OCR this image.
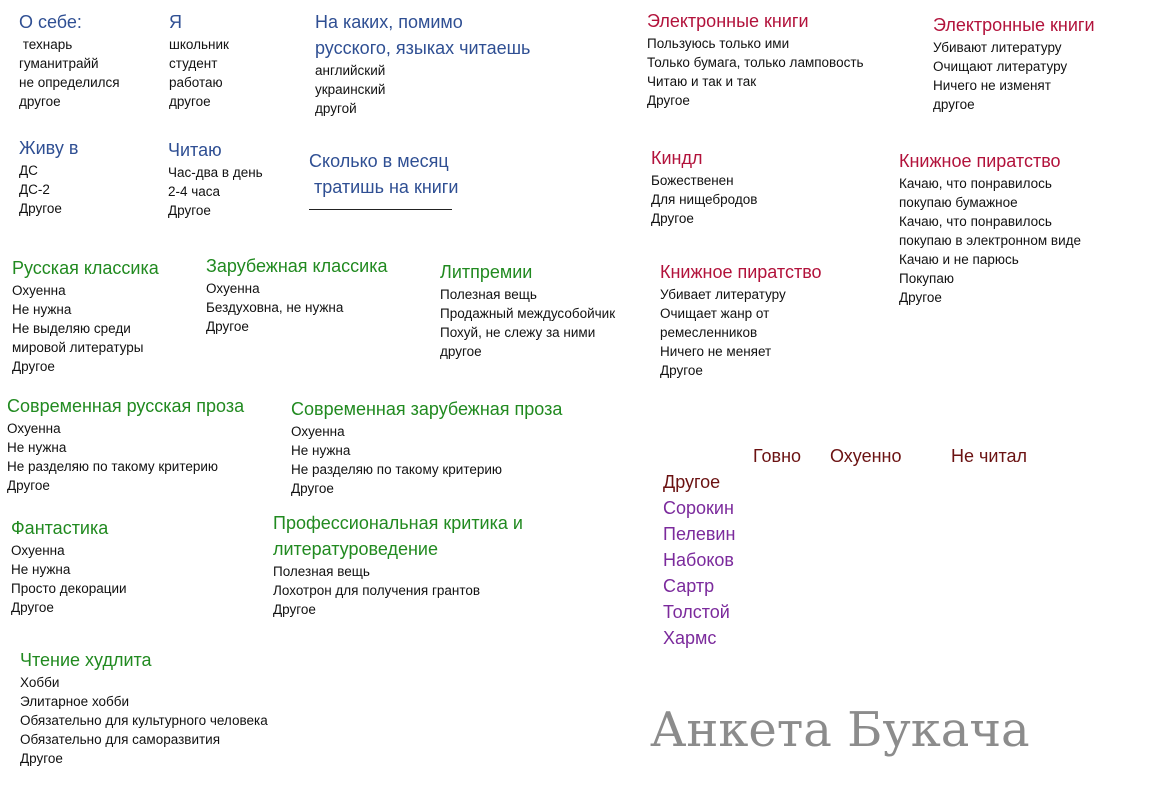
О себе:

технарь
гуманитрайй
не определился
другое

Я

школьник
студент
работаю
другое

На каких, помимо

русского, языках читаешь

английский
украинский
другой

Электронные книги

Пользуюсь только ими
Только бумага, только ламповость
Читаю и так и так
Другое

Электронные книги

Убивают литературу
Очищают литературу
Ничего не изменят
другое

Живу в

ДС
ДС-2
Другое

Читаю

Час-два в день
2-4 часа
Другое

Сколько в месяц

тратишь на книги

Киндл

Божественен
Для нищебродов
Другое

Книжное пиратство

Качаю, что понравилось
покупаю бумажное
Качаю, что понравилось
покупаю в электронном виде
Качаю и не парюсь
Покупаю
Другое

Русская классика

Охуенна
Не нужна
Не выделяю среди
мировой литературы
Другое

Зарубежная классика

Охуенна
Бездуховна, не нужна
Другое

Литпремии

Полезная вещь
Продажный междусобойчик
Похуй, не слежу за ними
другое

Книжное пиратство

Убивает литературу
Очищает жанр от
ремесленников
Ничего не меняет
Другое

Современная русская проза

Охуенна
Не нужна
Не разделяю по такому критерию
Другое

Современная зарубежная проза

Охуенна
Не нужна
Не разделяю по такому критерию
Другое

Фантастика

Охуенна
Не нужна
Просто декорации
Другое

Профессиональная критика и

литературоведение

Полезная вещь
Лохотрон для получения грантов
Другое

Чтение худлита

Хобби
Элитарное хобби
Обязательно для культурного человека
Обязательно для саморазвития
Другое
Говно Охуенно	Не читал
Другое
Сорокин
Пелевин
Набоков
Сартр
Толстой
Хармс
Анкета Букача
